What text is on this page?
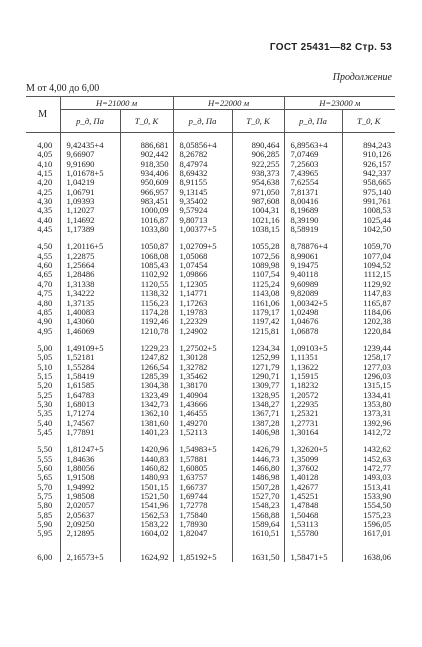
ГОСТ 25431—82 Стр. 53
Продолжение
M от 4,00 до 6,00
M	H=21000 м		H=22000 м		H=23000 м	
	p_д, Па	T_0, К	p_д, Па	T_0, К	p_д, Па	T_0, К

4,00	9,42435+4	886,681	8,05856+4	890,464	6,89563+4	894,243
4,05	9,66907	902,442	8,26782	906,285	7,07469	910,126
4,10	9,91690	918,350	8,47974	922,255	7,25603	926,157
4,15	1,01678+5	934,406	8,69432	938,373	7,43965	942,337
4,20	1,04219	950,609	8,91155	954,638	7,62554	958,665
4,25	1,06791	966,957	9,13145	971,050	7,81371	975,140
4,30	1,09393	983,451	9,35402	987,608	8,00416	991,761
4,35	1,12027	1000,09	9,57924	1004,31	8,19689	1008,53
4,40	1,14692	1016,87	9,80713	1021,16	8,39190	1025,44
4,45	1,17389	1033,80	1,00377+5	1038,15	8,58919	1042,50

4,50	1,20116+5	1050,87	1,02709+5	1055,28	8,78876+4	1059,70
4,55	1,22875	1068,08	1,05068	1072,56	8,99061	1077,04
4,60	1,25664	1085,43	1,07454	1089,98	9,19475	1094,52
4,65	1,28486	1102,92	1,09866	1107,54	9,40118	1112,15
4,70	1,31338	1120,55	1,12305	1125,24	9,60989	1129,92
4,75	1,34222	1138,32	1,14771	1143,08	9,82089	1147,83
4,80	1,37135	1156,23	1,17263	1161,06	1,00342+5	1165,87
4,85	1,40083	1174,28	1,19783	1179,17	1,02498	1184,06
4,90	1,43060	1192,46	1,22329	1197,42	1,04676	1202,38
4,95	1,46069	1210,78	1,24902	1215,81	1,06878	1220,84

5,00	1,49109+5	1229,23	1,27502+5	1234,34	1,09103+5	1239,44
5,05	1,52181	1247,82	1,30128	1252,99	1,11351	1258,17
5,10	1,55284	1266,54	1,32782	1271,79	1,13622	1277,03
5,15	1,58419	1285,39	1,35462	1290,71	1,15915	1296,03
5,20	1,61585	1304,38	1,38170	1309,77	1,18232	1315,15
5,25	1,64783	1323,49	1,40904	1328,95	1,20572	1334,41
5,30	1,68013	1342,73	1,43666	1348,27	1,22935	1353,80
5,35	1,71274	1362,10	1,46455	1367,71	1,25321	1373,31
5,40	1,74567	1381,60	1,49270	1387,28	1,27731	1392,96
5,45	1,77891	1401,23	1,52113	1406,98	1,30164	1412,72

5,50	1,81247+5	1420,96	1,54983+5	1426,79	1,32620+5	1432,62
5,55	1,84636	1440,83	1,57881	1446,73	1,35099	1452,63
5,60	1,88056	1460,82	1,60805	1466,80	1,37602	1472,77
5,65	1,91508	1480,93	1,63757	1486,98	1,40128	1493,03
5,70	1,94992	1501,15	1,66737	1507,28	1,42677	1513,41
5,75	1,98508	1521,50	1,69744	1527,70	1,45251	1533,90
5,80	2,02057	1541,96	1,72778	1548,23	1,47848	1554,50
5,85	2,05637	1562,53	1,75840	1568,88	1,50468	1575,23
5,90	2,09250	1583,22	1,78930	1589,64	1,53113	1596,05
5,95	2,12895	1604,02	1,82047	1610,51	1,55780	1617,01

6,00	2,16573+5	1624,92	1,85192+5	1631,50	1,58471+5	1638,06
